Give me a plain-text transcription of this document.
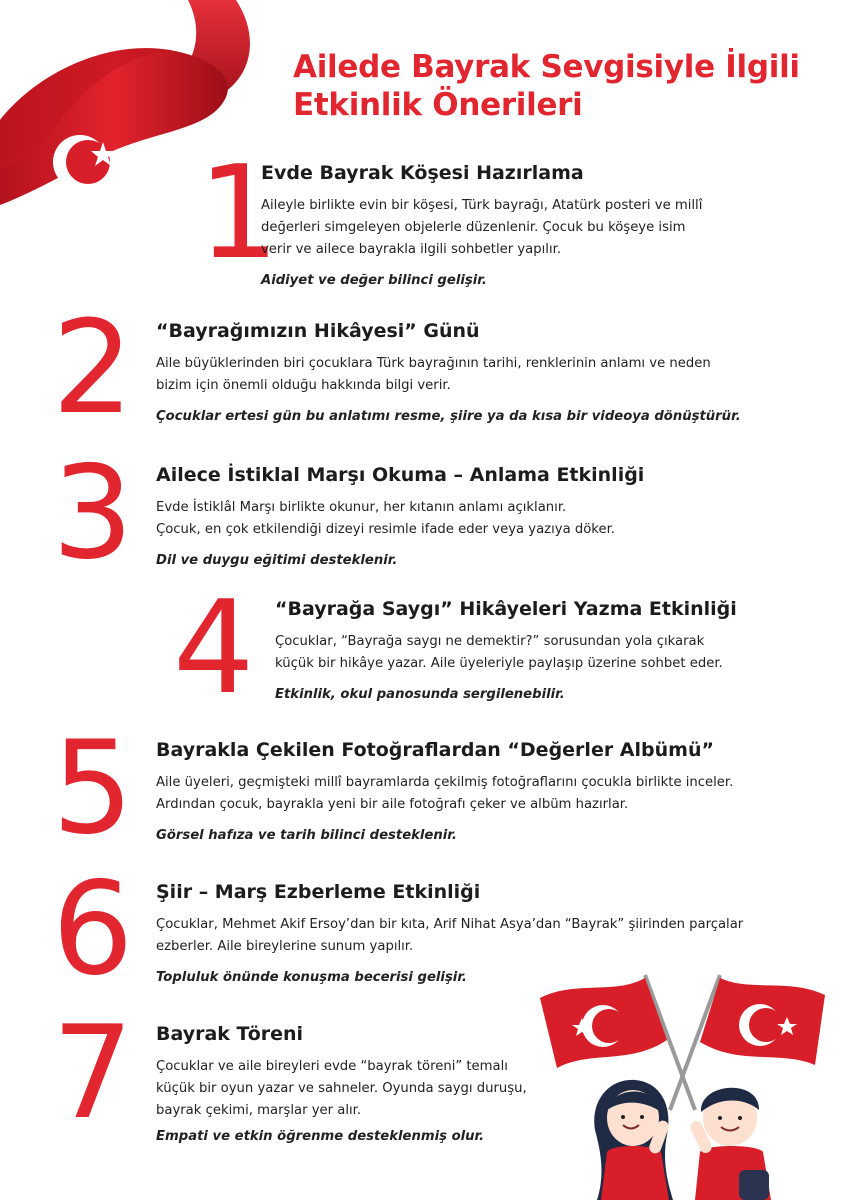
Ailede Bayrak Sevgisiyle İlgili
Etkinlik Önerileri
1
Evde Bayrak Köşesi Hazırlama

Aileyle birlikte evin bir köşesi, Türk bayrağı, Atatürk posteri ve millî

değerleri simgeleyen objelerle düzenlenir. Çocuk bu köşeye isim

verir ve ailece bayrakla ilgili sohbetler yapılır.

Aidiyet ve değer bilinci gelişir.

2 “Bayrağımızın Hikâyesi” Günü

Aile büyüklerinden biri çocuklara Türk bayrağının tarihi, renklerinin anlamı ve neden

bizim için önemli olduğu hakkında bilgi verir.

Çocuklar ertesi gün bu anlatımı resme, şiire ya da kısa bir videoya dönüştürür.

3 Ailece İstiklal Marşı Okuma – Anlama Etkinliği

Evde İstiklâl Marşı birlikte okunur, her kıtanın anlamı açıklanır.

Çocuk, en çok etkilendiği dizeyi resimle ifade eder veya yazıya döker.

Dil ve duygu eğitimi desteklenir.

4 “Bayrağa Saygı” Hikâyeleri Yazma Etkinliği

Çocuklar, “Bayrağa saygı ne demektir?” sorusundan yola çıkarak

küçük bir hikâye yazar. Aile üyeleriyle paylaşıp üzerine sohbet eder.

Etkinlik, okul panosunda sergilenebilir.

5 Bayrakla Çekilen Fotoğraflardan “Değerler Albümü”

Aile üyeleri, geçmişteki millî bayramlarda çekilmiş fotoğraflarını çocukla birlikte inceler.

Ardından çocuk, bayrakla yeni bir aile fotoğrafı çeker ve albüm hazırlar.

Görsel hafıza ve tarih bilinci desteklenir.

6 Şiir – Marş Ezberleme Etkinliği

Çocuklar, Mehmet Akif Ersoy’dan bir kıta, Arif Nihat Asya’dan “Bayrak” şiirinden parçalar

ezberler. Aile bireylerine sunum yapılır.

Topluluk önünde konuşma becerisi gelişir.

7 Bayrak Töreni

Çocuklar ve aile bireyleri evde “bayrak töreni” temalı

küçük bir oyun yazar ve sahneler. Oyunda saygı duruşu,

bayrak çekimi, marşlar yer alır.

Empati ve etkin öğrenme desteklenmiş olur.
